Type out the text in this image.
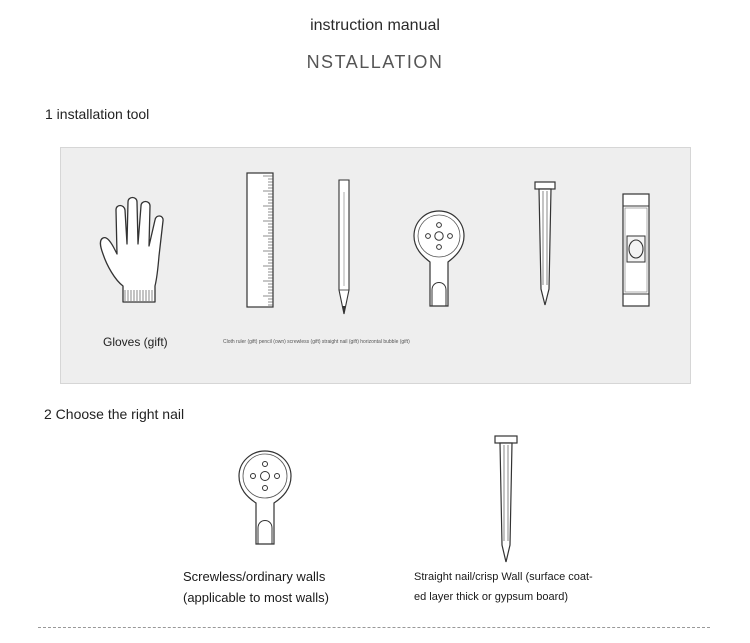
instruction manual
NSTALLATION
1 installation tool
Gloves (gift)	Cloth ruler (gift) pencil (own) screwless (gift) straight nail (gift) horizontal bubble (gift)
2 Choose the right nail
Screwless/ordinary walls
(applicable to most walls)
Straight nail/crisp Wall (surface coat-
ed layer thick or gypsum board)
